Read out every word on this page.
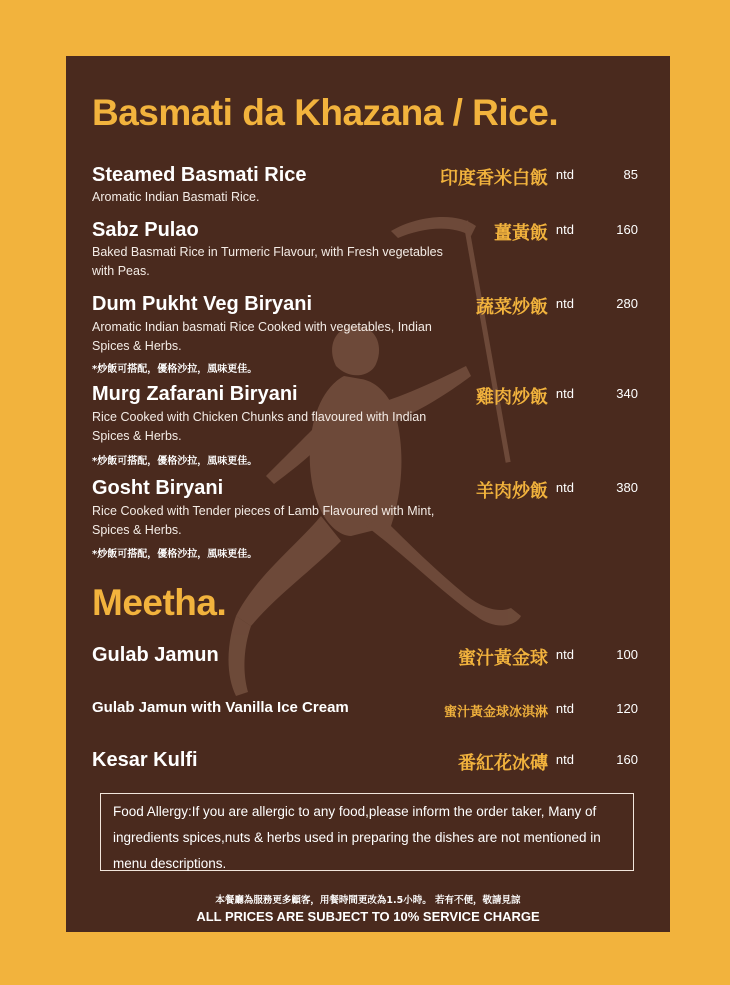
Basmati da Khazana / Rice.
Steamed Basmati Rice	印度香米白飯 ntd	85
Aromatic Indian Basmati Rice.
Sabz Pulao	薑黃飯 ntd	160
Baked Basmati Rice in Turmeric Flavour, with Fresh vegetables with Peas.
Dum Pukht Veg Biryani	蔬菜炒飯 ntd	280
Aromatic Indian basmati Rice Cooked with vegetables, Indian Spices & Herbs.
*炒飯可搭配，優格沙拉，風味更佳。
Murg Zafarani Biryani	雞肉炒飯 ntd	340
Rice Cooked with Chicken Chunks and flavoured with Indian Spices & Herbs.
*炒飯可搭配，優格沙拉，風味更佳。
Gosht Biryani	羊肉炒飯 ntd	380
Rice Cooked with Tender pieces of Lamb Flavoured with Mint, Spices & Herbs.
*炒飯可搭配，優格沙拉，風味更佳。
Meetha.
Gulab Jamun	蜜汁黃金球 ntd	100
Gulab Jamun with Vanilla Ice Cream	蜜汁黃金球冰淇淋 ntd	120
Kesar Kulfi	番紅花冰磚 ntd	160
Food Allergy:If you are allergic to any food,please inform the order taker, Many of ingredients spices,nuts & herbs used in preparing the dishes are not mentioned in menu descriptions.
本餐廳為服務更多顧客，用餐時間更改為1.5小時。 若有不便，敬請見諒
ALL PRICES ARE SUBJECT TO 10% SERVICE CHARGE
